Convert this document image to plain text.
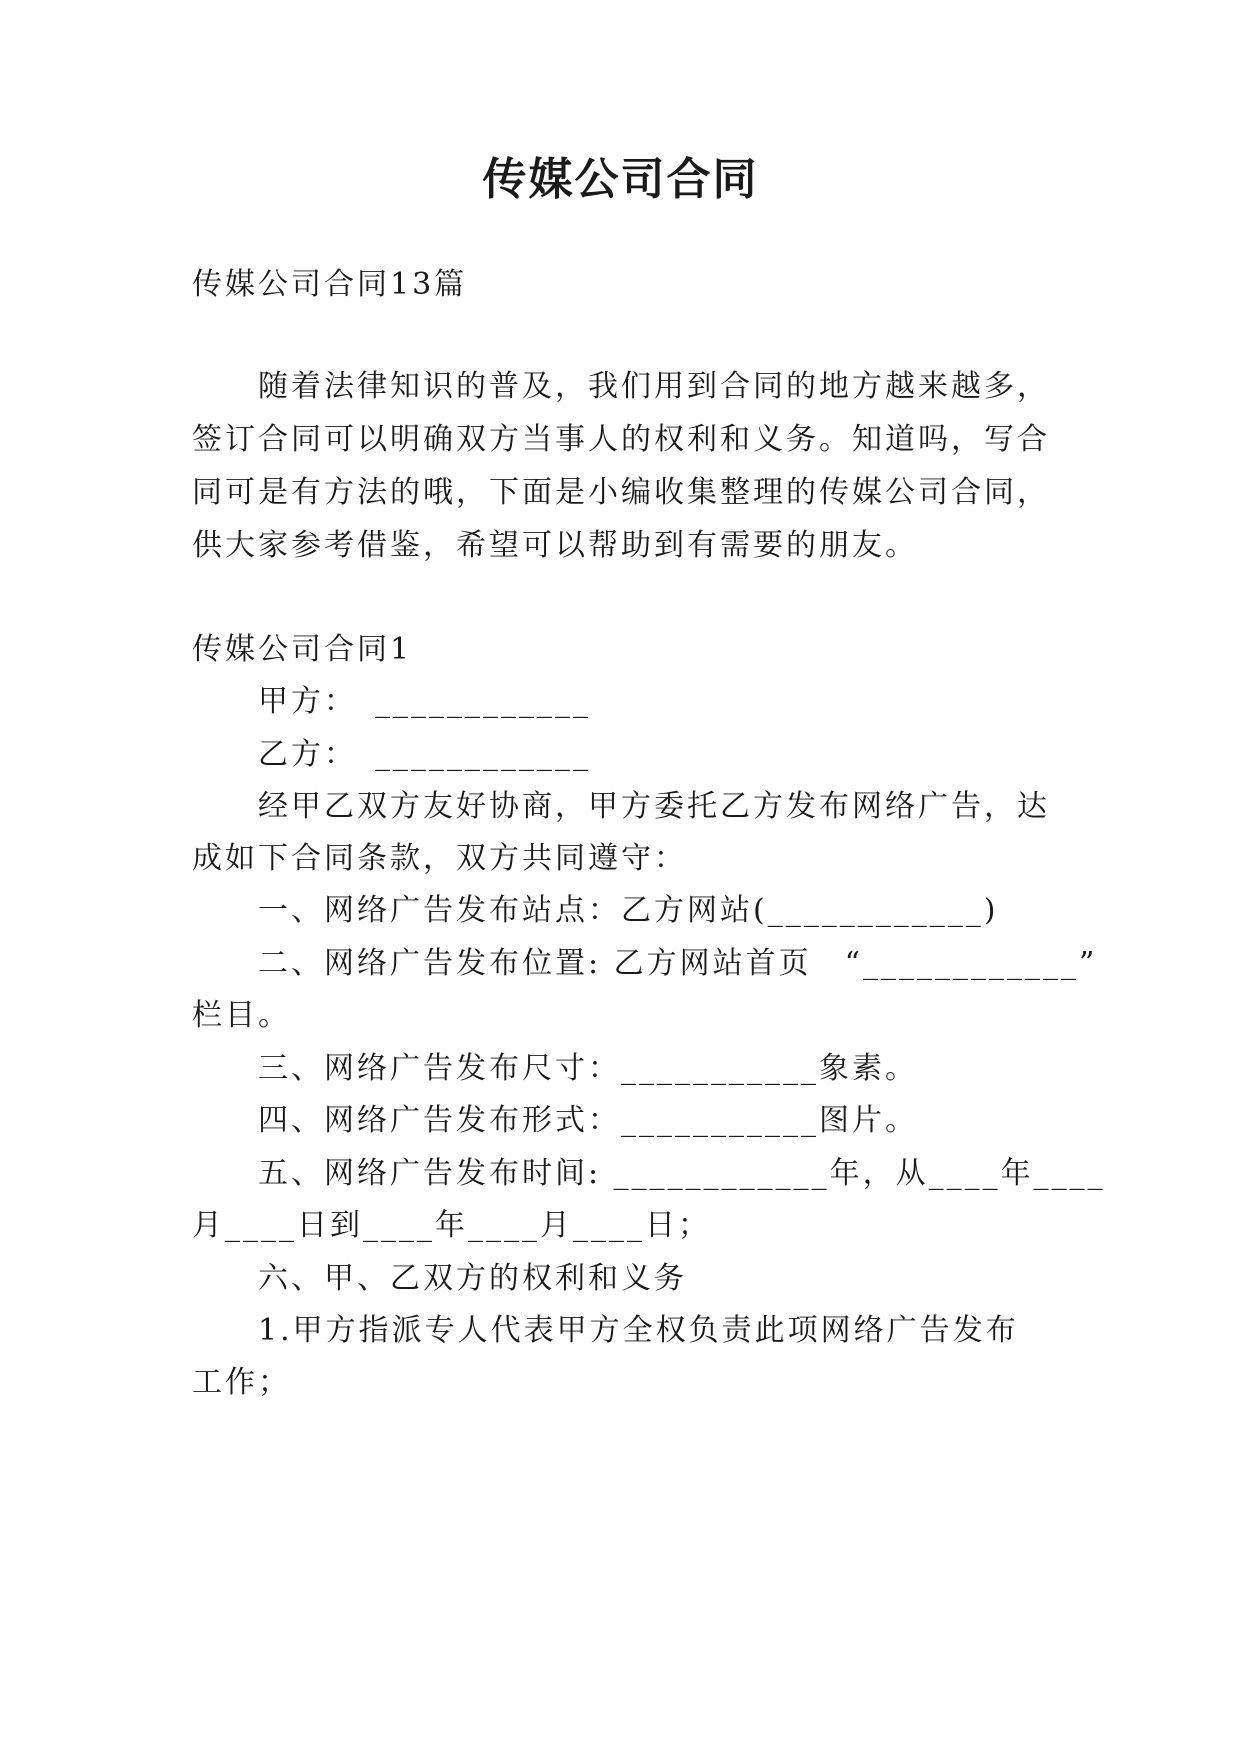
传媒公司合同
传媒公司合同13篇
随着法律知识的普及，我们用到合同的地方越来越多，
签订合同可以明确双方当事人的权利和义务。知道吗，写合
同可是有方法的哦，下面是小编收集整理的传媒公司合同，
供大家参考借鉴，希望可以帮助到有需要的朋友。
传媒公司合同1
甲方：　____________
乙方：　____________
经甲乙双方友好协商，甲方委托乙方发布网络广告，达
成如下合同条款，双方共同遵守：
一、网络广告发布站点：乙方网站(____________)
二、网络广告发布位置: 乙方网站首页　“____________”
栏目。
三、网络广告发布尺寸：___________象素。
四、网络广告发布形式：___________图片。
五、网络广告发布时间: ____________年，从____年____
月____日到____年____月____日；
六、甲、乙双方的权利和义务
1.甲方指派专人代表甲方全权负责此项网络广告发布
工作；
